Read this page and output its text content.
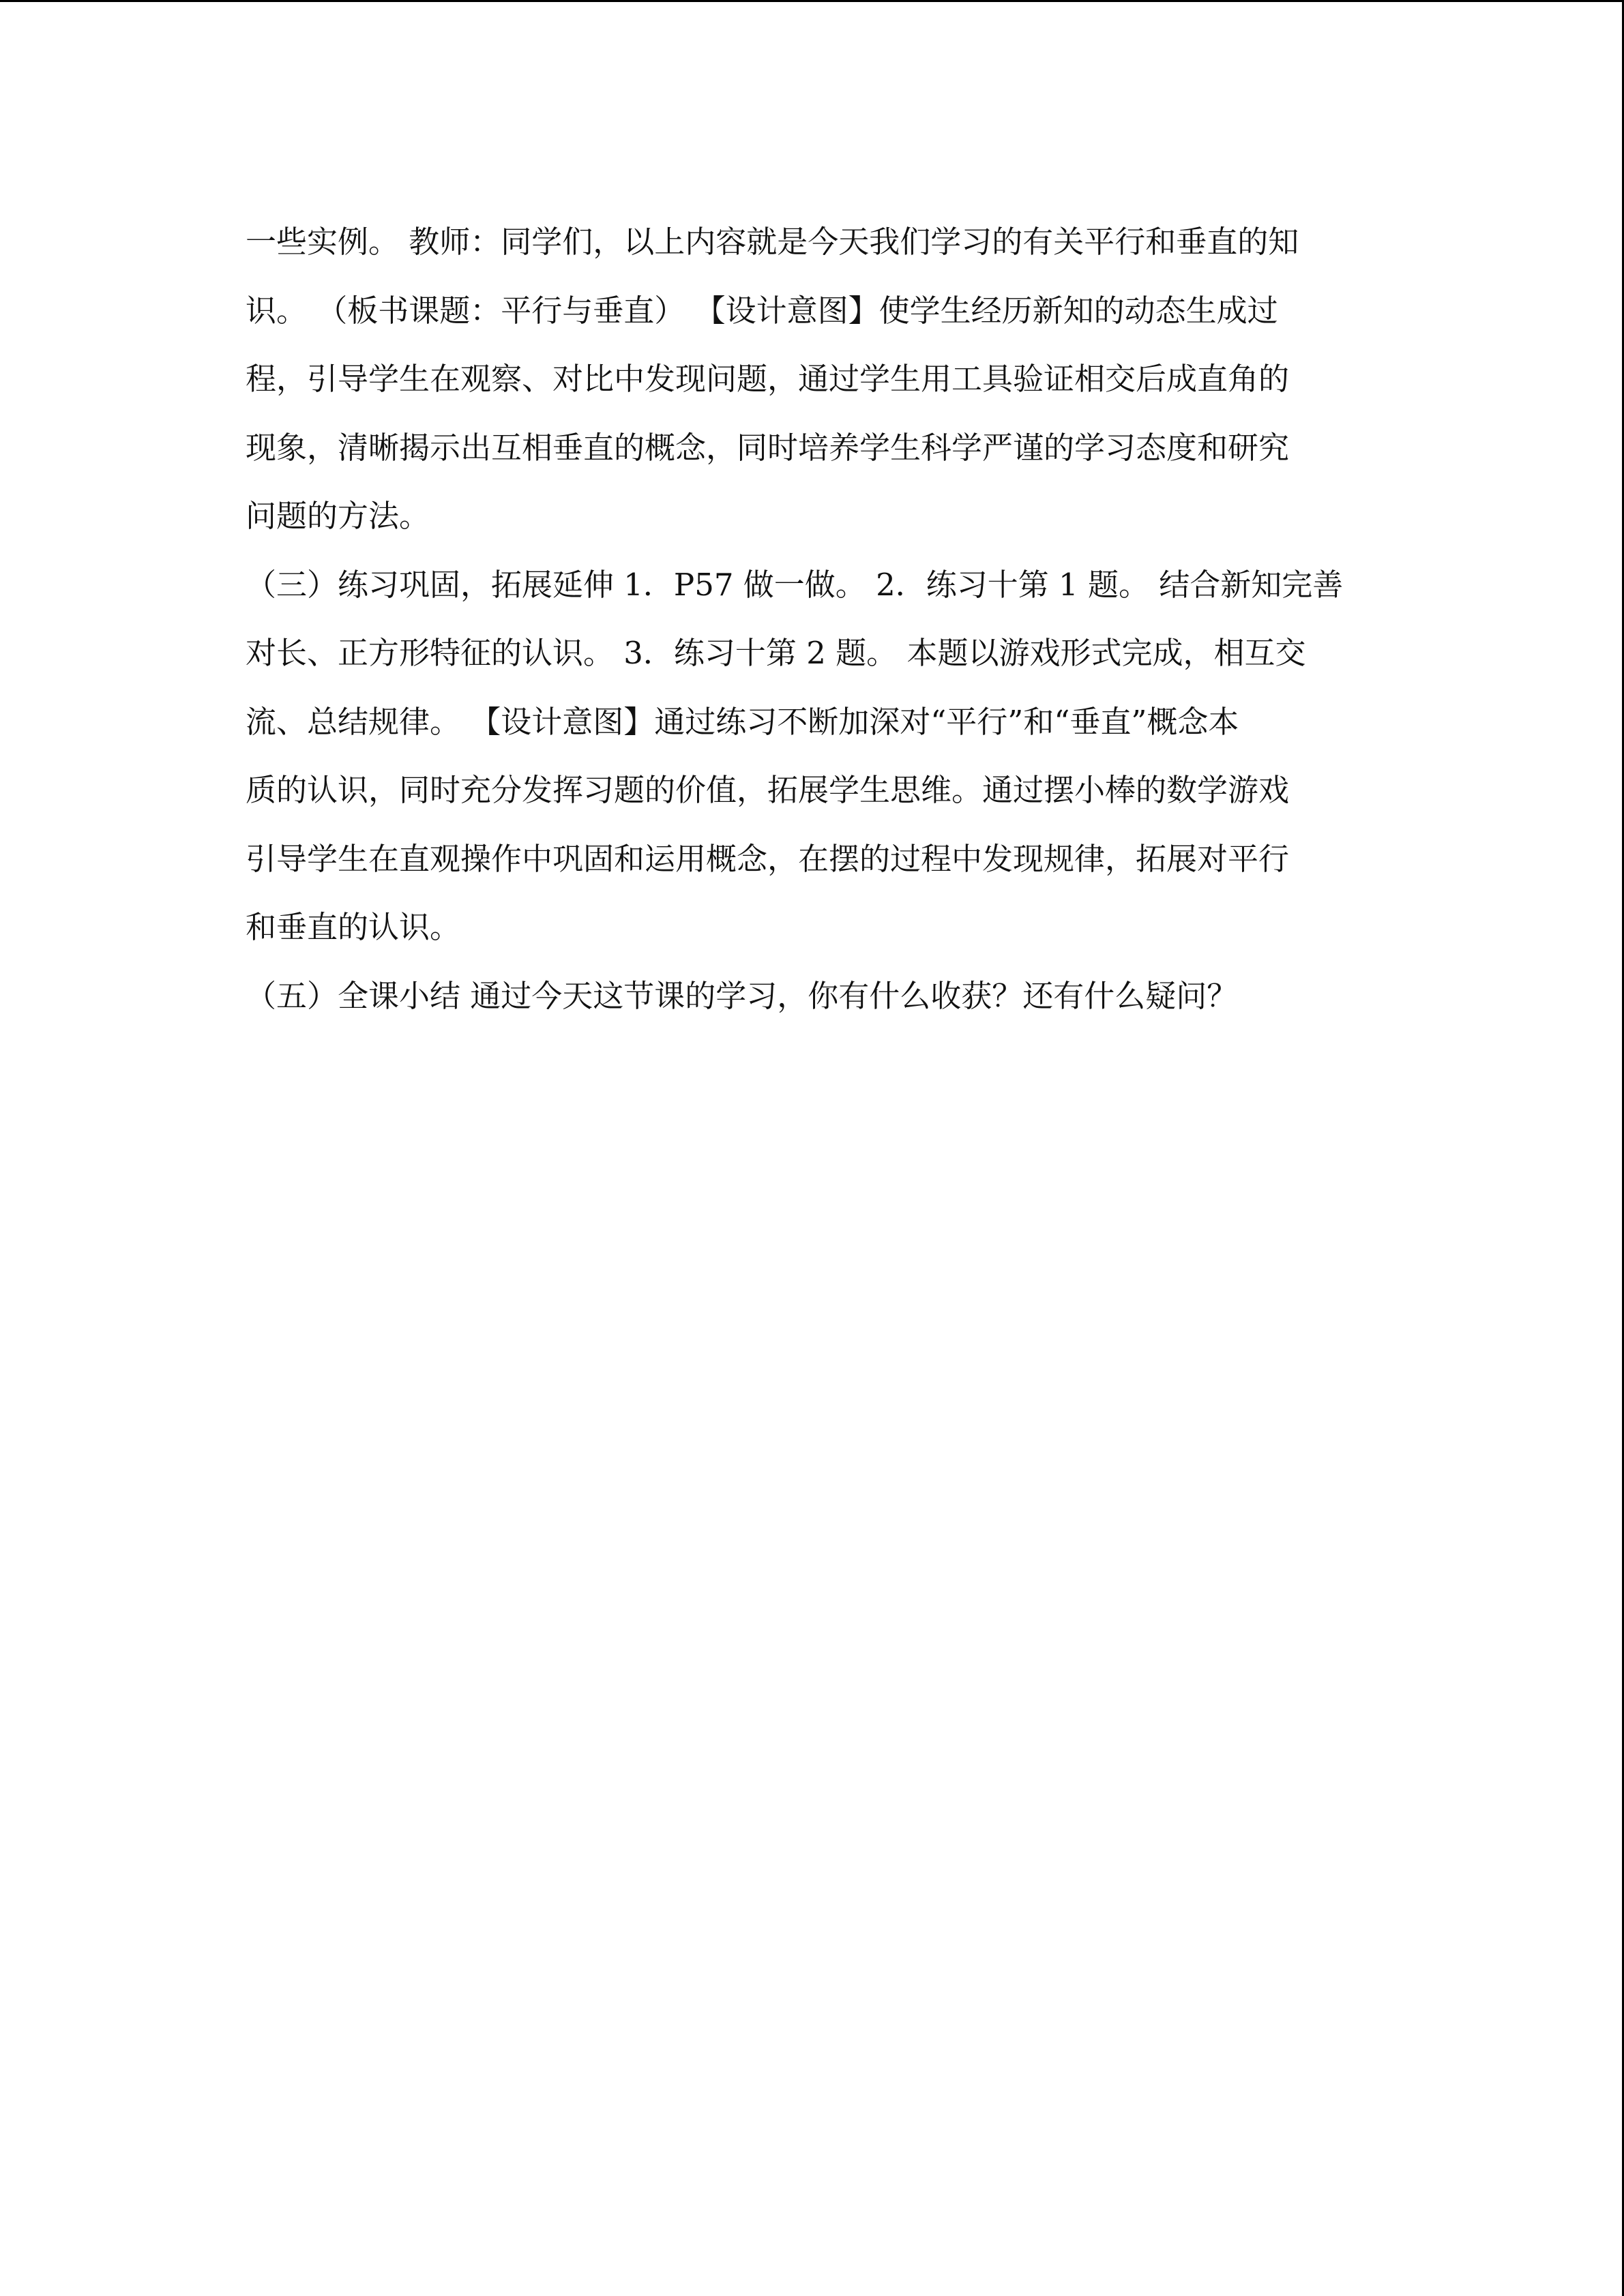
一些实例。 教师：同学们，以上内容就是今天我们学习的有关平行和垂直的知

识。 （板书课题：平行与垂直） 【设计意图】使学生经历新知的动态生成过

程，引导学生在观察、对比中发现问题，通过学生用工具验证相交后成直角的

现象，清晰揭示出互相垂直的概念，同时培养学生科学严谨的学习态度和研究

问题的方法。

（三）练习巩固，拓展延伸 1．P57 做一做。 2．练习十第 1 题。 结合新知完善

对长、正方形特征的认识。 3．练习十第 2 题。 本题以游戏形式完成，相互交

流、总结规律。 【设计意图】通过练习不断加深对“平行”和“垂直”概念本

质的认识，同时充分发挥习题的价值，拓展学生思维。通过摆小棒的数学游戏

引导学生在直观操作中巩固和运用概念，在摆的过程中发现规律，拓展对平行

和垂直的认识。

（五）全课小结 通过今天这节课的学习，你有什么收获？还有什么疑问？
